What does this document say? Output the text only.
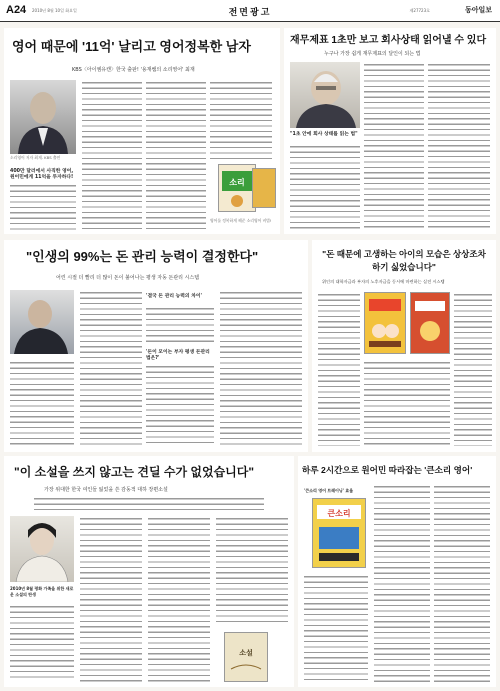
A24 2010년 8월 10일 화요일	전면광고	제27723호	동아일보
영어 때문에 '11억' 날리고 영어정복한 남자
KBS〈아이엠유캔〉한국 출판! '용재쌤의 소리영어' 최재
소리영어 저자 최재. KBS 출연
400만 달러에서 사직한 영어, 원어민에게 11억을 투자하다!
소리
영어를 정복하게 해준 소리영어 비법!
재무제표 1초만 보고 회사상태 읽어낼 수 있다
누구나 가장 쉽게 재무제표의 달인이 되는 법
"1초 안에 회사 상태를 읽는 법"
"인생의 99%는 돈 관리 능력이 결정한다"
어린 시절 더 빨리 더 많이 돈이 불어나는 평생 자동 돈관리 시스템
'결국 돈 관리 능력의 차이'
'돈이 모이는 부자 평생 돈관리 법은?'
"돈 때문에 고생하는 아이의 모습은 상상조차 하기 싫었습니다"
위인의 대학자금과 부자의 노후자금을 동시에 마련하는 실전 시스템
"이 소설을 쓰지 않고는 견딜 수가 없었습니다"
가장 위대한 한국 여인들 잃었을 쓴 감동적 대하 장편소설
2010년 8월 평화 가족을 위한 새로운 소설의 탄생
소설
하루 2시간으로 원어민 따라잡는 '큰소리 영어'
'큰소리 영어 트레이닝' 효율
큰소리
